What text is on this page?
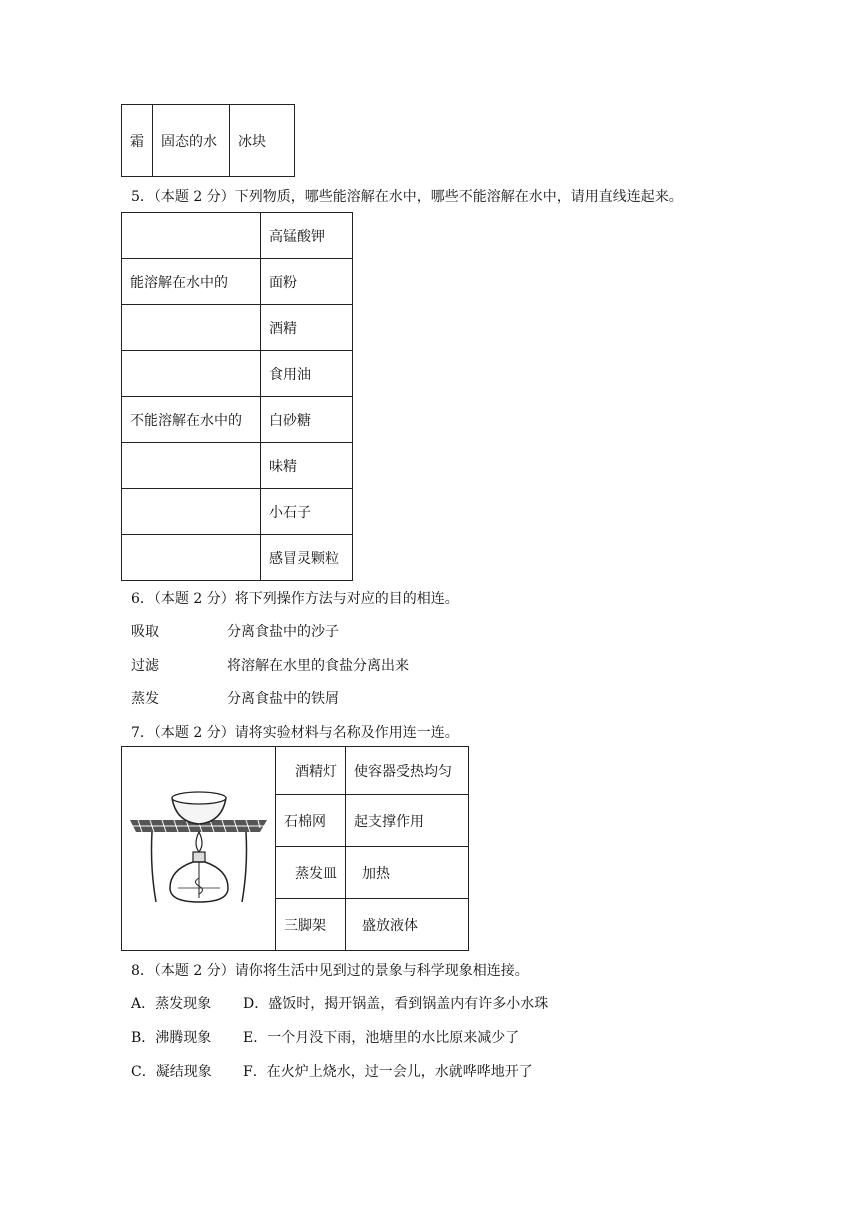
霜	固态的水	冰块
5．（本题 2 分）下列物质，哪些能溶解在水中，哪些不能溶解在水中，请用直线连起来。
	高锰酸钾
能溶解在水中的	面粉
	酒精
	食用油
不能溶解在水中的	白砂糖
	味精
	小石子
	感冒灵颗粒
6．（本题 2 分）将下列操作方法与对应的目的相连。
吸取	分离食盐中的沙子
过滤	将溶解在水里的食盐分离出来
蒸发	分离食盐中的铁屑
7．（本题 2 分）请将实验材料与名称及作用连一连。
	酒精灯	使容器受热均匀
	石棉网	起支撑作用
	蒸发皿	加热
	三脚架	盛放液体
8．（本题 2 分）请你将生活中见到过的景象与科学现象相连接。
A．蒸发现象 D．盛饭时，揭开锅盖，看到锅盖内有许多小水珠
B．沸腾现象 E．一个月没下雨，池塘里的水比原来减少了
C．凝结现象 F．在火炉上烧水，过一会儿，水就哗哗地开了
